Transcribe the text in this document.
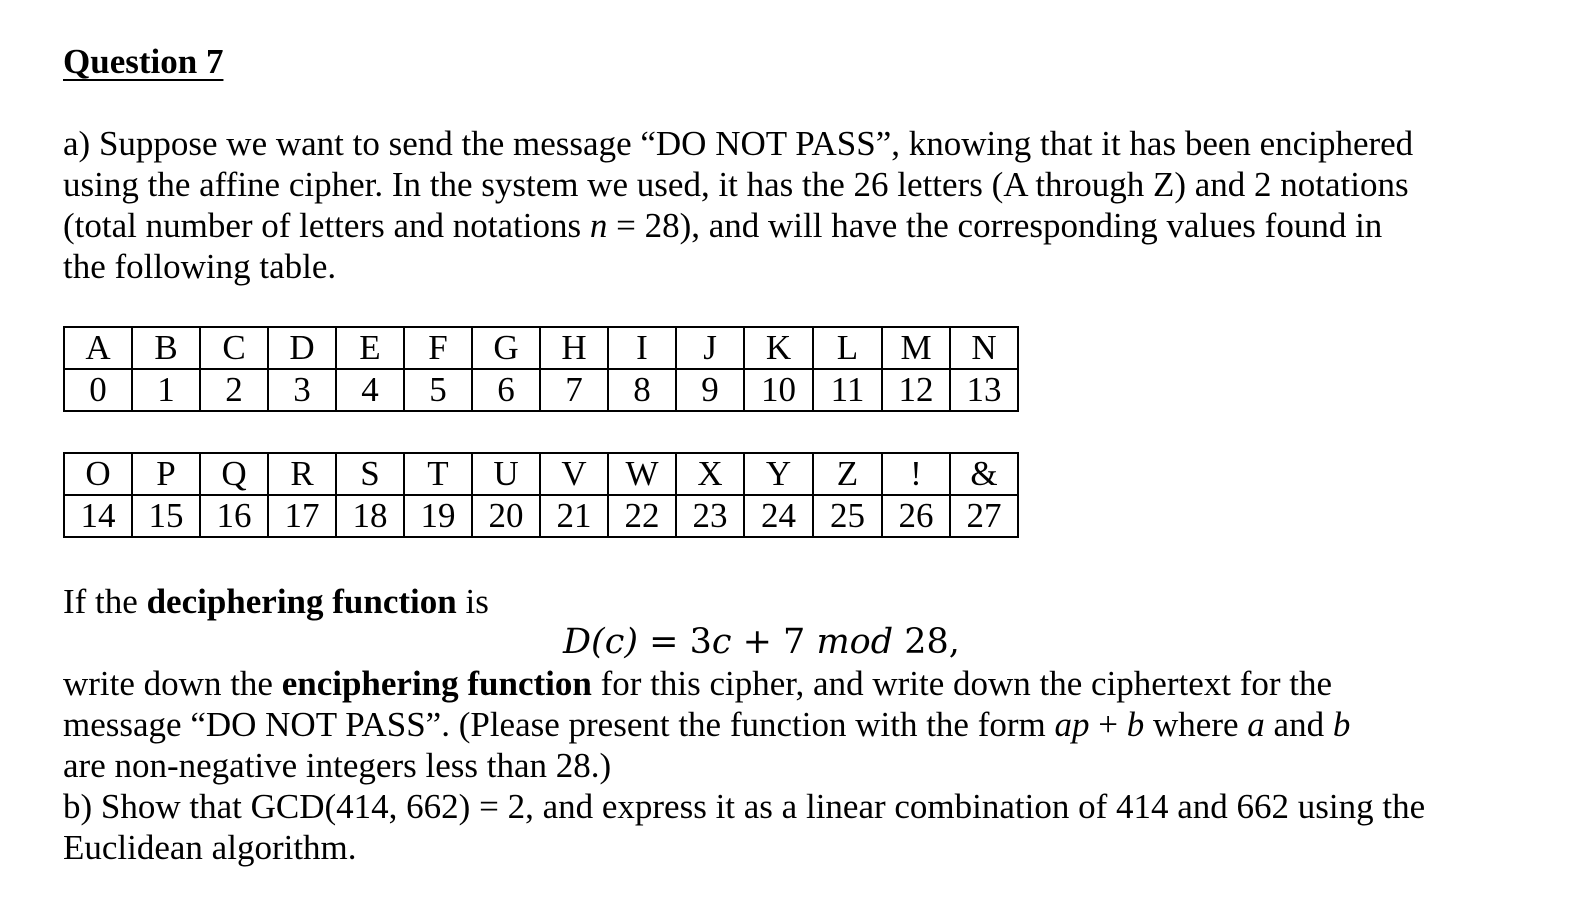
Question 7
a) Suppose we want to send the message “DO NOT PASS”, knowing that it has been enciphered
using the affine cipher. In the system we used, it has the 26 letters (A through Z) and 2 notations
(total number of letters and notations n = 28), and will have the corresponding values found in
the following table.
A	B	C	D	E	F	G	H	I	J	K	L	M	N
0	1	2	3	4	5	6	7	8	9	10	11	12	13
O	P	Q	R	S	T	U	V	W	X	Y	Z	!	&
14	15	16	17	18	19	20	21	22	23	24	25	26	27
If the deciphering function is
D(c) = 3c + 7 mod 28,
write down the enciphering function for this cipher, and write down the ciphertext for the
message “DO NOT PASS”. (Please present the function with the form ap + b where a and b
are non-negative integers less than 28.)
b) Show that GCD(414, 662) = 2, and express it as a linear combination of 414 and 662 using the
Euclidean algorithm.
